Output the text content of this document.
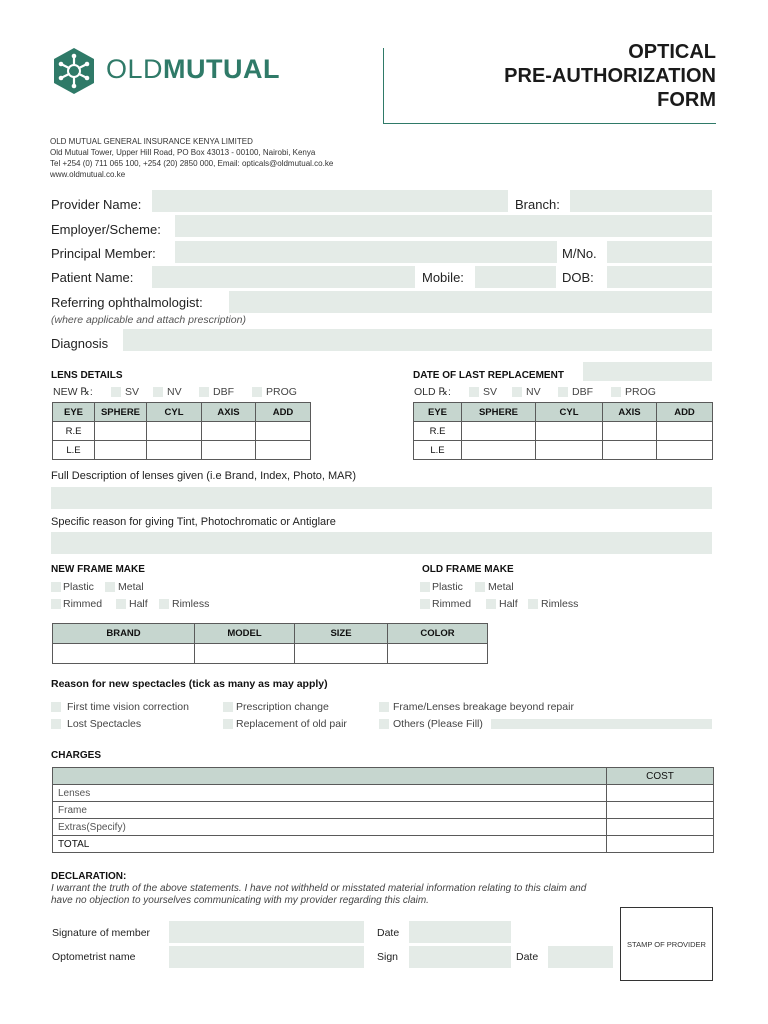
OLDMUTUAL
OPTICAL
PRE-AUTHORIZATION
FORM
OLD MUTUAL GENERAL INSURANCE KENYA LIMITED
Old Mutual Tower, Upper Hill Road, PO Box 43013 - 00100, Nairobi, Kenya
Tel +254 (0) 711 065 100, +254 (20) 2850 000, Email: opticals@oldmutual.co.ke
www.oldmutual.co.ke
Provider Name:	Branch:
Employer/Scheme:
Principal Member:	M/No.
Patient Name:	Mobile:	DOB:
Referring ophthalmologist:
(where applicable and attach prescription)
Diagnosis
LENS DETAILS	DATE OF LAST REPLACEMENT
NEW ℞:	SV	NV	DBF	PROG	OLD ℞:	SV	NV	DBF	PROG
EYE	SPHERE	CYL	AXIS	ADD
R.E				
L.E				
EYE	SPHERE	CYL	AXIS	ADD
R.E				
L.E				
Full Description of lenses given (i.e Brand, Index, Photo, MAR)
Specific reason for giving Tint, Photochromatic or Antiglare
NEW FRAME MAKE
Plastic Metal
Rimmed	Half Rimless
OLD FRAME MAKE
Plastic Metal
Rimmed	Half Rimless
BRAND	MODEL	SIZE	COLOR

Reason for new spectacles (tick as many as may apply)
First time vision correction
Lost Spectacles
Prescription change
Replacement of old pair
Frame/Lenses breakage beyond repair
Others (Please Fill)
CHARGES
	COST
Lenses	
Frame	
Extras(Specify)	
TOTAL	
DECLARATION:
I warrant the truth of the above statements. I have not withheld or misstated material information relating to this claim and
have no objection to yourselves communicating with my provider regarding this claim.
Signature of member	Date
Optometrist name	Sign	Date
STAMP OF PROVIDER
